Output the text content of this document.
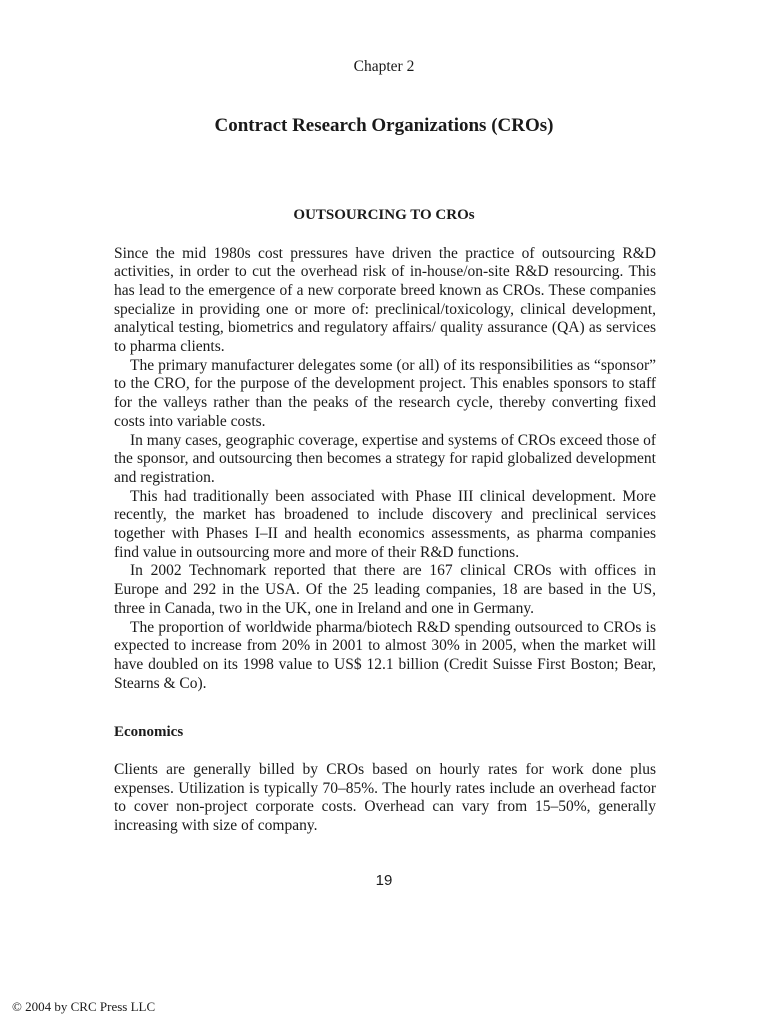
Chapter 2
Contract Research Organizations (CROs)
OUTSOURCING TO CROs

Since the mid 1980s cost pressures have driven the practice of outsourcing R&D activities, in order to cut the overhead risk of in-house/on-site R&D resourcing. This has lead to the emergence of a new corporate breed known as CROs. These companies specialize in providing one or more of: preclinical/toxicology, clinical development, analytical testing, biometrics and regulatory affairs/ quality assurance (QA) as services to pharma clients.

The primary manufacturer delegates some (or all) of its responsibilities as “sponsor” to the CRO, for the purpose of the development project. This enables sponsors to staff for the valleys rather than the peaks of the research cycle, thereby converting fixed costs into variable costs.

In many cases, geographic coverage, expertise and systems of CROs exceed those of the sponsor, and outsourcing then becomes a strategy for rapid globalized development and registration.

This had traditionally been associated with Phase III clinical development. More recently, the market has broadened to include discovery and preclinical services together with Phases I–II and health economics assessments, as pharma companies find value in outsourcing more and more of their R&D functions.

In 2002 Technomark reported that there are 167 clinical CROs with offices in Europe and 292 in the USA. Of the 25 leading companies, 18 are based in the US, three in Canada, two in the UK, one in Ireland and one in Germany.

The proportion of worldwide pharma/biotech R&D spending outsourced to CROs is expected to increase from 20% in 2001 to almost 30% in 2005, when the market will have doubled on its 1998 value to US$ 12.1 billion (Credit Suisse First Boston; Bear, Stearns & Co).

Economics

Clients are generally billed by CROs based on hourly rates for work done plus expenses. Utilization is typically 70–85%. The hourly rates include an overhead factor to cover non-project corporate costs. Overhead can vary from 15–50%, generally increasing with size of company.

19
© 2004 by CRC Press LLC
